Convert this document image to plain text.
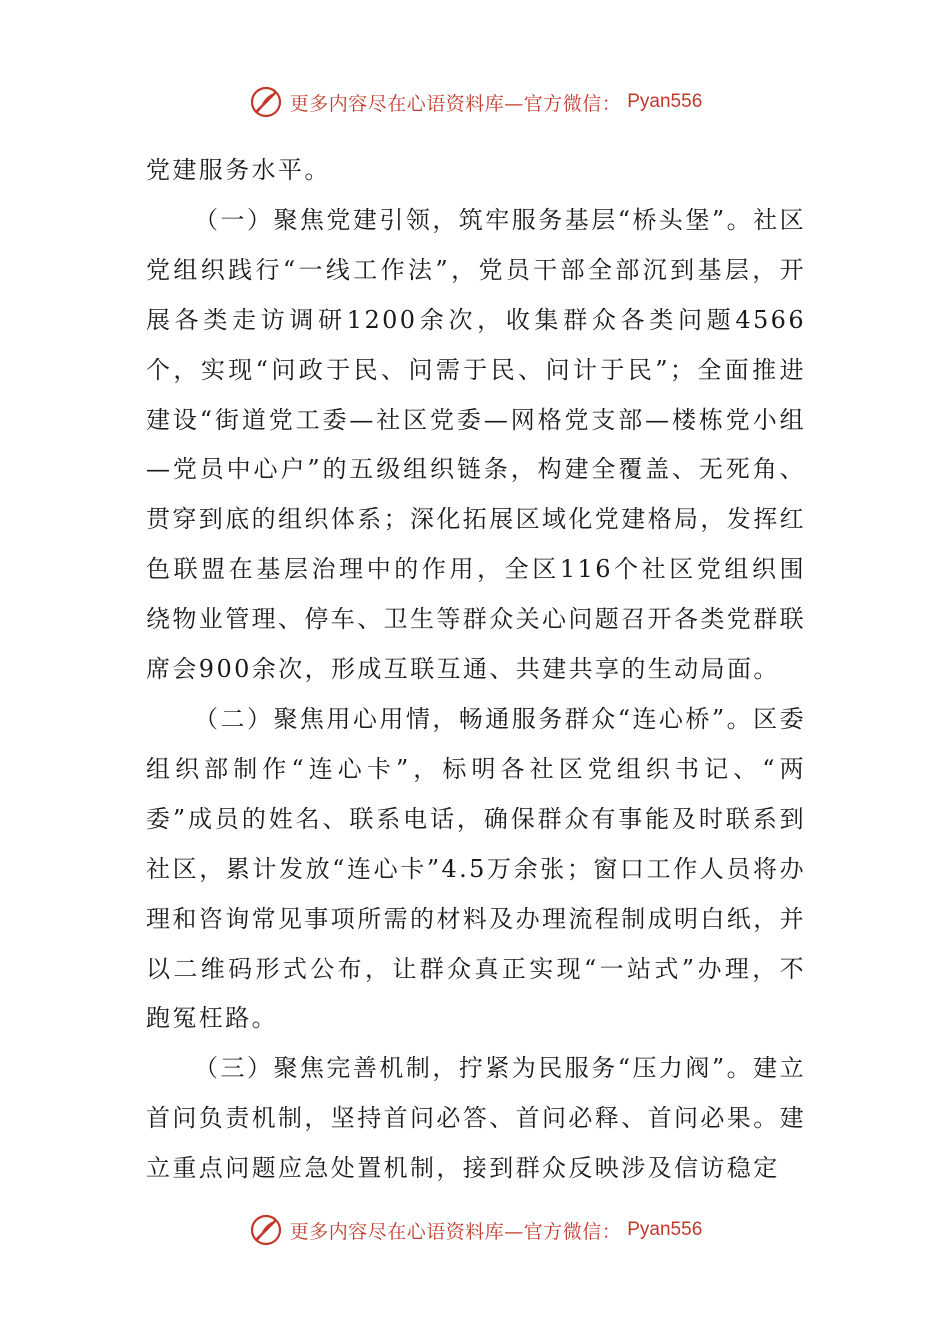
更多内容尽在心语资料库—官方微信： Pyan556

党建服务水平。

（一）聚焦党建引领，筑牢服务基层“桥头堡”。社区党组织践行“一线工作法”，党员干部全部沉到基层，开展各类走访调研1200余次，收集群众各类问题4566个，实现“问政于民、问需于民、问计于民”；全面推进建设“街道党工委—社区党委—网格党支部—楼栋党小组—党员中心户”的五级组织链条，构建全覆盖、无死角、贯穿到底的组织体系；深化拓展区域化党建格局，发挥红色联盟在基层治理中的作用，全区116个社区党组织围绕物业管理、停车、卫生等群众关心问题召开各类党群联席会900余次，形成互联互通、共建共享的生动局面。

（二）聚焦用心用情，畅通服务群众“连心桥”。区委组织部制作“连心卡”，标明各社区党组织书记、“两委”成员的姓名、联系电话，确保群众有事能及时联系到社区，累计发放“连心卡”4.5万余张；窗口工作人员将办理和咨询常见事项所需的材料及办理流程制成明白纸，并以二维码形式公布，让群众真正实现“一站式”办理，不跑冤枉路。

（三）聚焦完善机制，拧紧为民服务“压力阀”。建立首问负责机制，坚持首问必答、首问必释、首问必果。建立重点问题应急处置机制，接到群众反映涉及信访稳定

更多内容尽在心语资料库—官方微信： Pyan556
